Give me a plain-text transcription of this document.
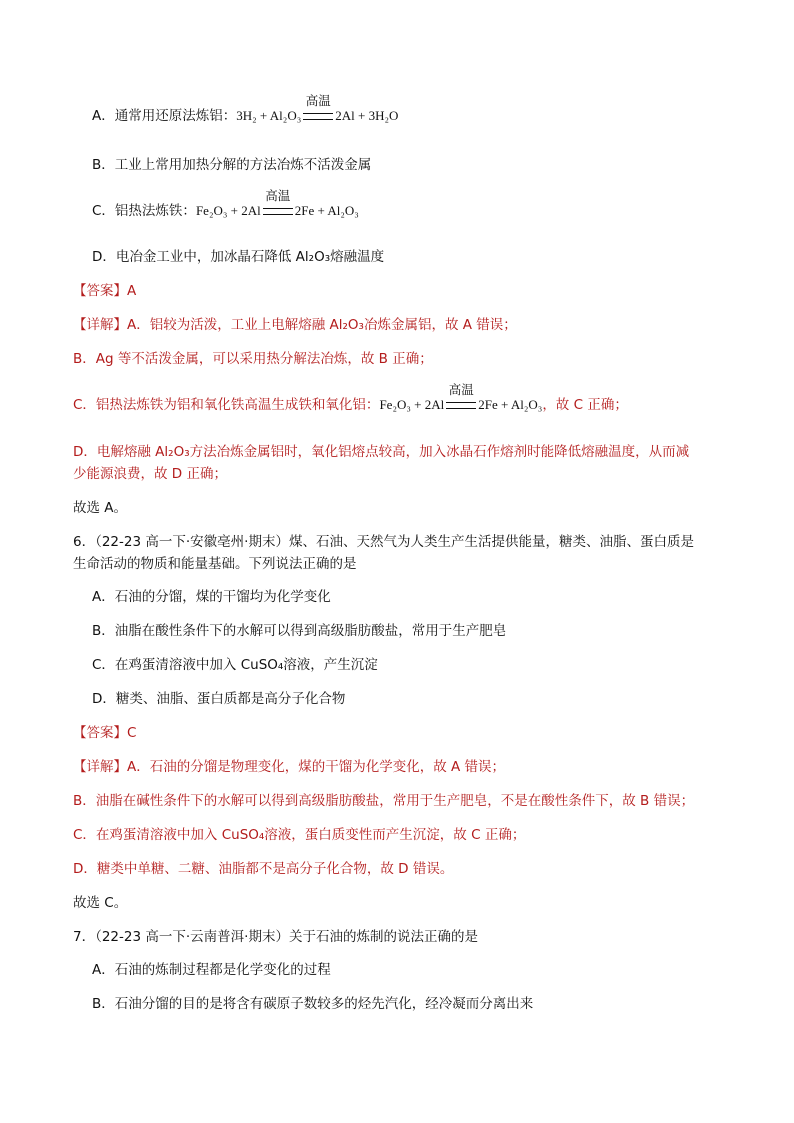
A．通常用还原法炼铝：3H₂ + Al₂O₃
高温
2Al + 3H₂O
B．工业上常用加热分解的方法冶炼不活泼金属
C．铝热法炼铁：Fe₂O₃ + 2Al
高温
2Fe + Al₂O₃
D．电冶金工业中，加冰晶石降低 Al₂O₃熔融温度
【答案】A
【详解】A．铝较为活泼，工业上电解熔融 Al₂O₃冶炼金属铝，故 A 错误；
B．Ag 等不活泼金属，可以采用热分解法冶炼，故 B 正确；
C．铝热法炼铁为铝和氧化铁高温生成铁和氧化铝：Fe₂O₃ + 2Al
高温
2Fe + Al₂O₃，故 C 正确；
D．电解熔融 Al₂O₃方法冶炼金属铝时，氧化铝熔点较高，加入冰晶石作熔剂时能降低熔融温度，从而减
少能源浪费，故 D 正确；
故选 A。
6．（22-23 高一下·安徽亳州·期末）煤、石油、天然气为人类生产生活提供能量，糖类、油脂、蛋白质是
生命活动的物质和能量基础。下列说法正确的是
A．石油的分馏，煤的干馏均为化学变化
B．油脂在酸性条件下的水解可以得到高级脂肪酸盐，常用于生产肥皂
C．在鸡蛋清溶液中加入 CuSO₄溶液，产生沉淀
D．糖类、油脂、蛋白质都是高分子化合物
【答案】C
【详解】A．石油的分馏是物理变化，煤的干馏为化学变化，故 A 错误；
B．油脂在碱性条件下的水解可以得到高级脂肪酸盐，常用于生产肥皂，不是在酸性条件下，故 B 错误；
C．在鸡蛋清溶液中加入 CuSO₄溶液，蛋白质变性而产生沉淀，故 C 正确；
D．糖类中单糖、二糖、油脂都不是高分子化合物，故 D 错误。
故选 C。
7．（22-23 高一下·云南普洱·期末）关于石油的炼制的说法正确的是
A．石油的炼制过程都是化学变化的过程
B．石油分馏的目的是将含有碳原子数较多的烃先汽化，经冷凝而分离出来
